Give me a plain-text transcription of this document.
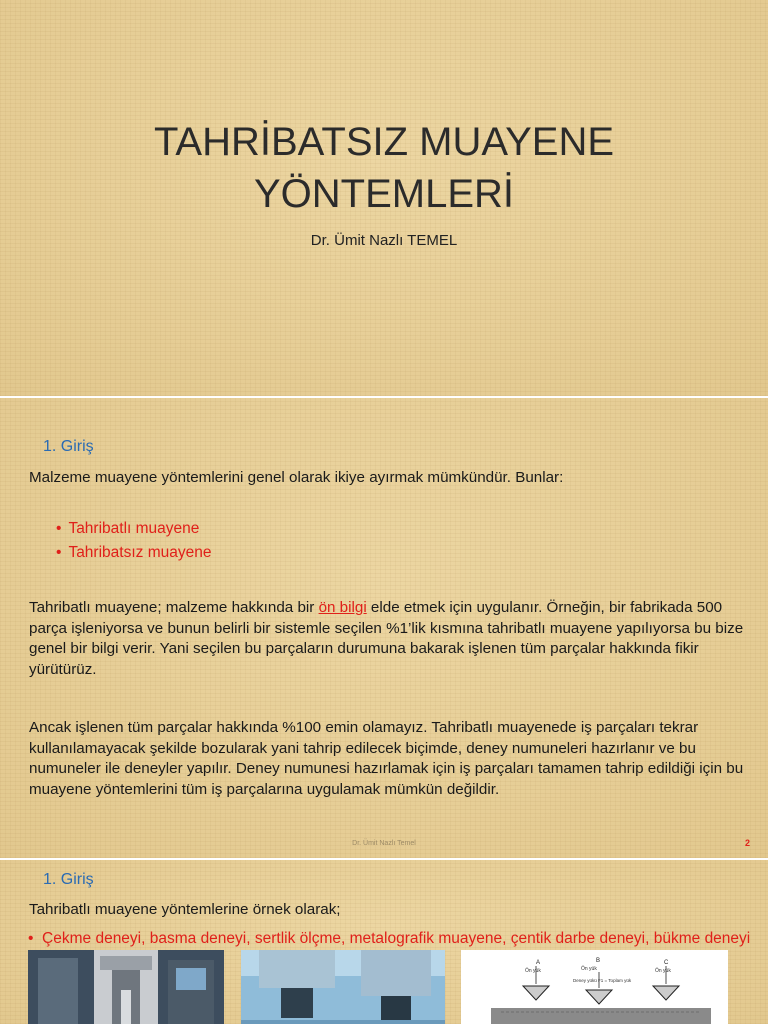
TAHRİBATSIZ MUAYENE
YÖNTEMLERİ
Dr. Ümit Nazlı TEMEL
1. Giriş
Malzeme muayene yöntemlerini genel olarak ikiye ayırmak mümkündür. Bunlar:
• Tahribatlı muayene
• Tahribatsız muayene
Tahribatlı muayene; malzeme hakkında bir ön bilgi elde etmek için uygulanır. Örneğin, bir fabrikada 500 parça işleniyorsa ve bunun belirli bir sistemle seçilen %1’lik kısmına tahribatlı muayene yapılıyorsa bu bize genel bir bilgi verir. Yani seçilen bu parçaların durumuna bakarak işlenen tüm parçalar hakkında fikir yürütürüz.
Ancak işlenen tüm parçalar hakkında %100 emin olamayız. Tahribatlı muayenede iş parçaları tekrar kullanılamayacak şekilde bozularak yani tahrip edilecek biçimde, deney numuneleri hazırlanır ve bu numuneler ile deneyler yapılır. Deney numunesi hazırlamak için iş parçaları tamamen tahrip edildiği için bu muayene yöntemlerini tüm iş parçalarına uygulamak mümkün değildir.
Dr. Ümit Nazlı Temel	2
1. Giriş
Tahribatlı muayene yöntemlerine örnek olarak;
•  Çekme deneyi, basma deneyi, sertlik ölçme, metalografik muayene, çentik darbe deneyi, bükme deneyi
A	B	C
Ön yük	Ön yük	Ön yük
Deney yükü F1 = Toplam yük
